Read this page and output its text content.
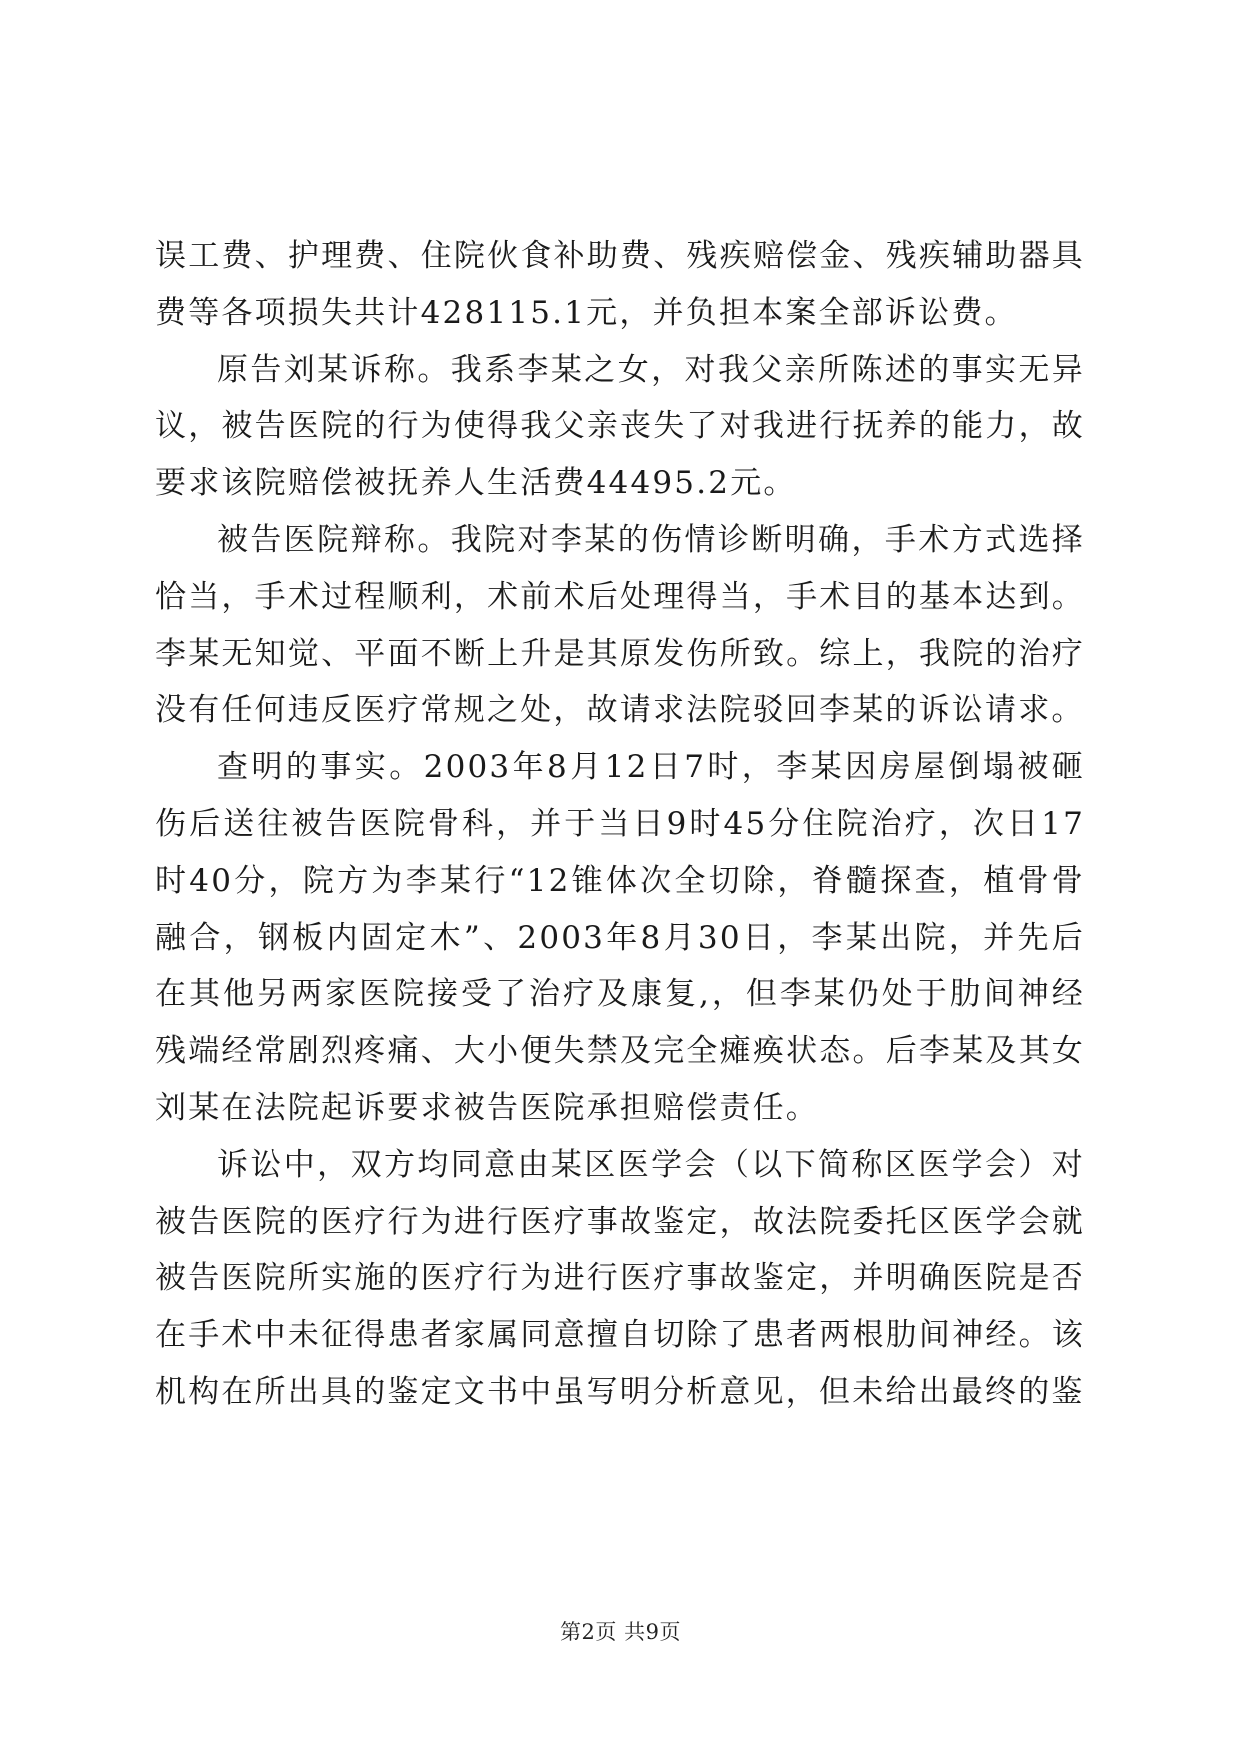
误工费、护理费、住院伙食补助费、残疾赔偿金、残疾辅助器具费等各项损失共计428115.1元，并负担本案全部诉讼费。

原告刘某诉称。我系李某之女，对我父亲所陈述的事实无异议，被告医院的行为使得我父亲丧失了对我进行抚养的能力，故要求该院赔偿被抚养人生活费44495.2元。

被告医院辩称。我院对李某的伤情诊断明确，手术方式选择恰当，手术过程顺利，术前术后处理得当，手术目的基本达到。李某无知觉、平面不断上升是其原发伤所致。综上，我院的治疗没有任何违反医疗常规之处，故请求法院驳回李某的诉讼请求。

查明的事实。2003年8月12日7时，李某因房屋倒塌被砸伤后送往被告医院骨科，并于当日9时45分住院治疗，次日17时40分，院方为李某行“12锥体次全切除，脊髓探查，植骨骨融合，钢板内固定木”、2003年8月30日，李某出院，并先后在其他另两家医院接受了治疗及康复,，但李某仍处于肋间神经残端经常剧烈疼痛、大小便失禁及完全瘫痪状态。后李某及其女刘某在法院起诉要求被告医院承担赔偿责任。

诉讼中，双方均同意由某区医学会（以下简称区医学会）对被告医院的医疗行为进行医疗事故鉴定，故法院委托区医学会就被告医院所实施的医疗行为进行医疗事故鉴定，并明确医院是否在手术中未征得患者家属同意擅自切除了患者两根肋间神经。该机构在所出具的鉴定文书中虽写明分析意见，但未给出最终的鉴

第2页 共9页
